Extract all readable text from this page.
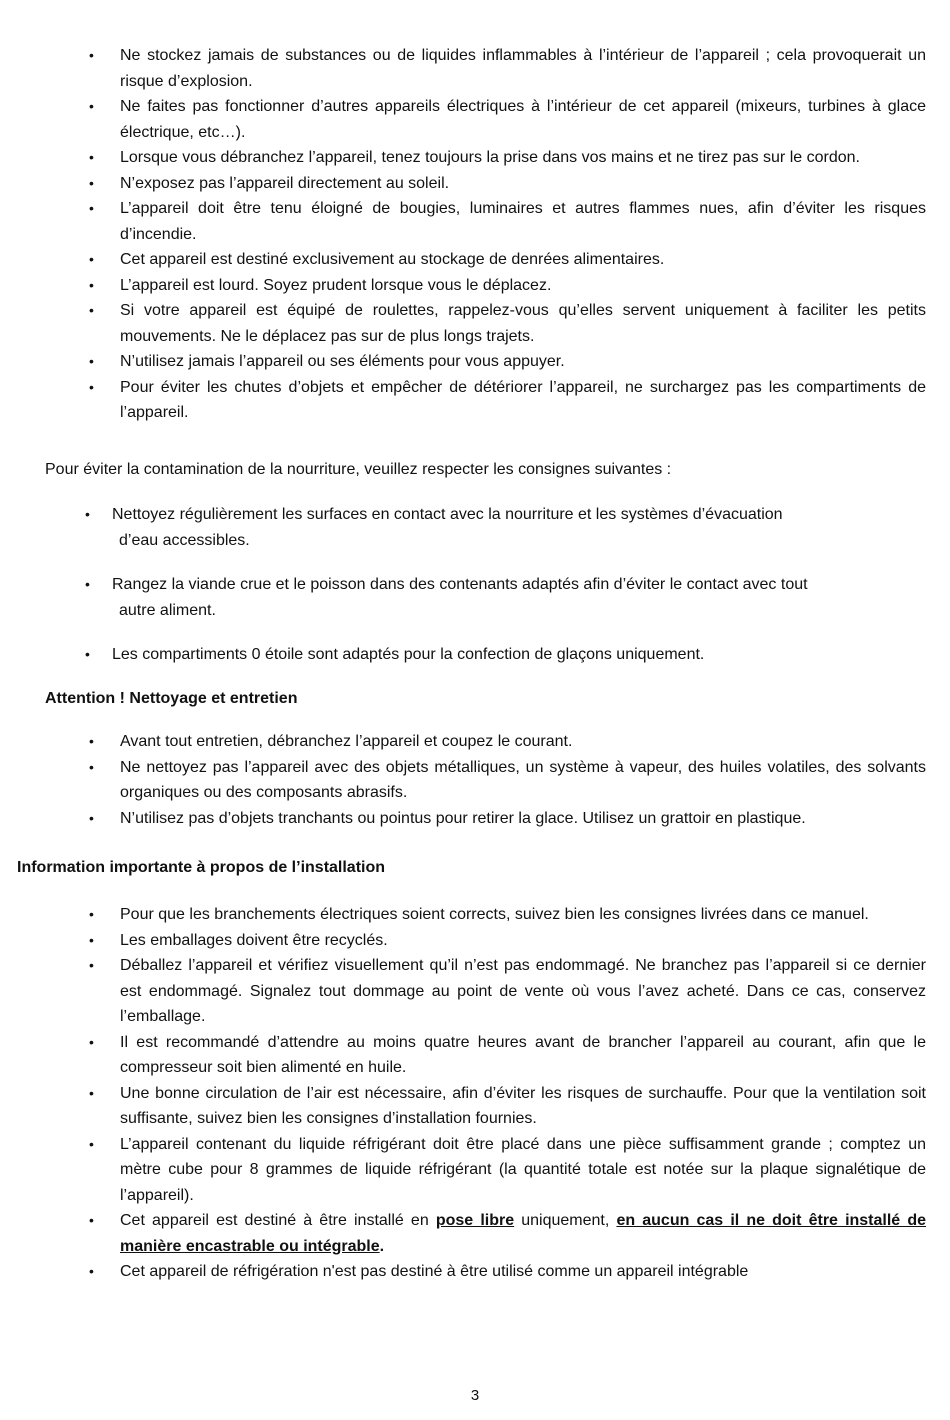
• Ne stockez jamais de substances ou de liquides inflammables à l’intérieur de l’appareil ; cela provoquerait un risque d’explosion.
• Ne faites pas fonctionner d’autres appareils électriques à l’intérieur de cet appareil (mixeurs, turbines à glace électrique, etc…).
• Lorsque vous débranchez l’appareil, tenez toujours la prise dans vos mains et ne tirez pas sur le cordon.
• N’exposez pas l’appareil directement au soleil.
• L’appareil doit être tenu éloigné de bougies, luminaires et autres flammes nues, afin d’éviter les risques d’incendie.
• Cet appareil est destiné exclusivement au stockage de denrées alimentaires.
• L’appareil est lourd. Soyez prudent lorsque vous le déplacez.
• Si votre appareil est équipé de roulettes, rappelez-vous qu’elles servent uniquement à faciliter les petits mouvements. Ne le déplacez pas sur de plus longs trajets.
• N’utilisez jamais l’appareil ou ses éléments pour vous appuyer.
• Pour éviter les chutes d’objets et empêcher de détériorer l’appareil, ne surchargez pas les compartiments de l’appareil.

Pour éviter la contamination de la nourriture, veuillez respecter les consignes suivantes :

• Nettoyez régulièrement les surfaces en contact avec la nourriture et les systèmes d’évacuation
d’eau accessibles.
• Rangez la viande crue et le poisson dans des contenants adaptés afin d’éviter le contact avec tout
autre aliment.
• Les compartiments 0 étoile sont adaptés pour la confection de glaçons uniquement.
Attention ! Nettoyage et entretien
• Avant tout entretien, débranchez l’appareil et coupez le courant.
• Ne nettoyez pas l’appareil avec des objets métalliques, un système à vapeur, des huiles volatiles, des solvants organiques ou des composants abrasifs.
• N’utilisez pas d’objets tranchants ou pointus pour retirer la glace. Utilisez un grattoir en plastique.
Information importante à propos de l’installation
• Pour que les branchements électriques soient corrects, suivez bien les consignes livrées dans ce manuel.
• Les emballages doivent être recyclés.
• Déballez l’appareil et vérifiez visuellement qu’il n’est pas endommagé. Ne branchez pas l’appareil si ce dernier est endommagé. Signalez tout dommage au point de vente où vous l’avez acheté. Dans ce cas, conservez l’emballage.
• Il est recommandé d’attendre au moins quatre heures avant de brancher l’appareil au courant, afin que le compresseur soit bien alimenté en huile.
• Une bonne circulation de l’air est nécessaire, afin d’éviter les risques de surchauffe. Pour que la ventilation soit suffisante, suivez bien les consignes d’installation fournies.
• L’appareil contenant du liquide réfrigérant doit être placé dans une pièce suffisamment grande ; comptez un mètre cube pour 8 grammes de liquide réfrigérant (la quantité totale est notée sur la plaque signalétique de l’appareil).
• Cet appareil est destiné à être installé en pose libre uniquement, en aucun cas il ne doit être installé de manière encastrable ou intégrable.
• Cet appareil de réfrigération n'est pas destiné à être utilisé comme un appareil intégrable
3
